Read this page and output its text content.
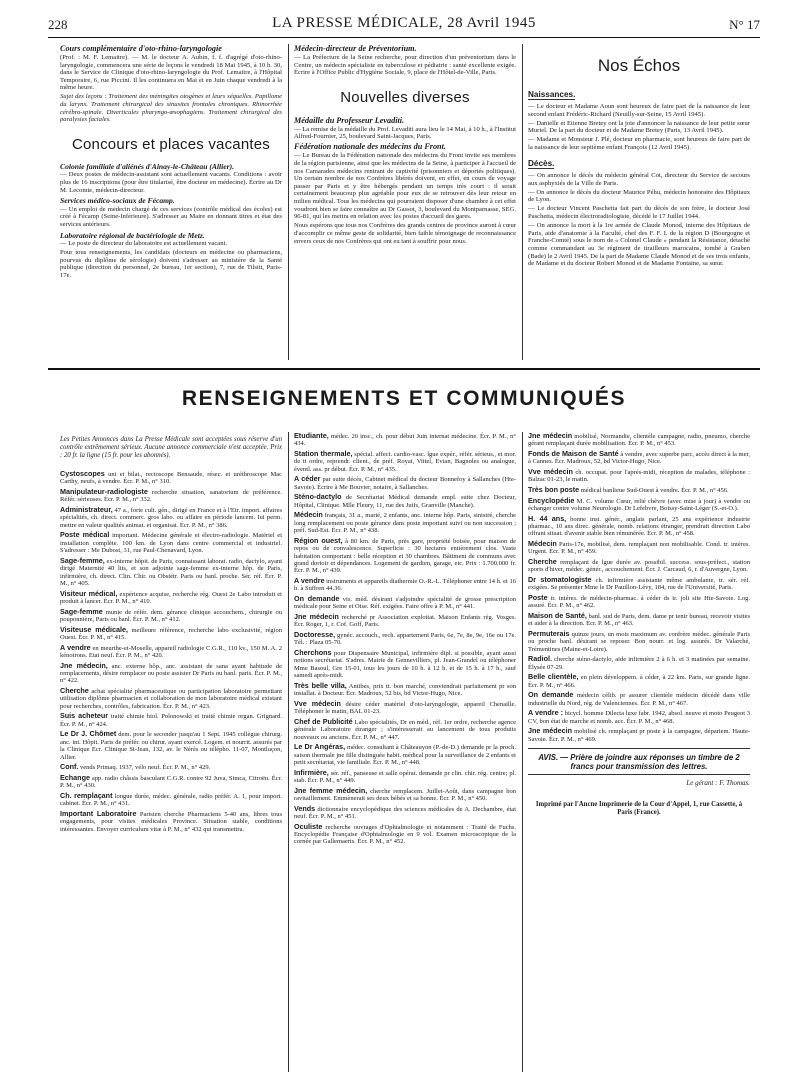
228	LA PRESSE MÉDICALE, 28 Avril 1945	N° 17
Cours complémentaire d'oto-rhino-laryngologie
(Prof. : M. F. Lemaitre). — M. le docteur A. Aubin, f. f. d'agrégé d'oto-rhino-laryngologie, commencera une série de leçons le vendredi 18 Mai 1945, à 10 h. 30, dans le Service de Clinique d'oto-rhino-laryngologie du Prof. Lemaitre, à l'Hôpital Temporaire, 6, rue Piccini. Il les continuera en Mai et en Juin chaque vendredi à la même heure.
Sujet des leçons : Traitement des méningites otogènes et leurs séquelles. Papillome du larynx. Traitement chirurgical des sinusites frontales chroniques. Rhinorrhée cérébro-spinale. Diverticules pharyngo-œsophagiens. Traitement chirurgical des paralysies faciales.
Concours et places vacantes
Colonie familiale d'aliénés d'Ainay-le-Château (Allier).
— Deux postes de médecin-assistant sont actuellement vacants. Conditions : avoir plus de 16 inscriptions (pour être titularisé, être docteur en médecine). Écrire au Dr M. Lecomte, médecin-directeur.
Services médico-sociaux de Fécamp.
— Un emploi de médecin chargé de ces services (contrôle médical des écoles) est créé à Fécamp (Seine-Inférieure). S'adresser au Maire en donnant titres et état des services antérieurs.
Laboratoire régional de bactériologie de Metz.
— Le poste de directeur du laboratoire est actuellement vacant.
Pour tous renseignements, les candidats (docteurs en médecine ou pharmaciens, pourvus du diplôme de sérologie) doivent s'adresser au ministère de la Santé publique (direction du personnel, 2e bureau, 1er section), 7, rue de Tilsitt, Paris-17e.
Médecin-directeur de Préventorium.
— La Préfecture de la Seine recherche, pour direction d'un préventorium dans le Centre, un médecin spécialiste en tuberculose et pédiatrie : santé excellente exigée. Écrire à l'Office Public d'Hygiène Sociale, 9, place de l'Hôtel-de-Ville, Paris.
Nouvelles diverses
Médaille du Professeur Levaditi.
— La remise de la médaille du Prof. Levaditi aura lieu le 14 Mai, à 10 h., à l'Institut Alfred-Fournier, 25, boulevard Saint-Jacques, Paris.
Fédération nationale des médecins du Front.
— Le Bureau de la Fédération nationale des médecins du Front invite ses membres de la région parisienne, ainsi que les médecins de la Seine, à participer à l'accueil de nos Camarades médecins rentrant de captivité (prisonniers et déportés politiques). Un certain nombre de nos Confrères libérés doivent, en effet, en cours de voyage passer par Paris et y être hébergés pendant un temps très court : il serait certainement beaucoup plus agréable pour eux de se retrouver dès leur retour en milieu médical. Tous les médecins qui pourraient disposer d'une chambre à cet effet voudront bien se faire connaître au Dr Gassot, 3, boulevard du Montparnasse, SEG. 96-81, qui les mettra en relation avec les postes d'accueil des gares.
Nous espérons que tous nos Confrères des grands centres de province auront à cœur d'accomplir ce même geste de solidarité, bien faible témoignage de reconnaissance envers ceux de nos Confrères qui ont eu tant à souffrir pour nous.
Nos Échos
Naissances.
— Le docteur et Madame Aoun sont heureux de faire part de la naissance de leur second enfant Frédéric-Richard (Neuilly-sur-Seine, 15 Avril 1945).
— Danielle et Etienne Bretey ont la joie d'annoncer la naissance de leur petite sœur Muriel. De la part du docteur et de Madame Bretey (Paris, 13 Avril 1945).
— Madame et Monsieur J. Plé, docteur en pharmacie, sont heureux de faire part de la naissance de leur septième enfant François (12 Avril 1945).
Décès.
— On annonce le décès du médecin général Cot, directeur du Service de secours aux asphyxiés de la Ville de Paris.
— On annonce le décès du docteur Maurice Péhu, médecin honoraire des Hôpitaux de Lyon.
— Le docteur Vincent Paschetta fait part du décès de son frère, le docteur José Paschetta, médecin électroradiologiste, décédé le 17 Juillet 1944.
— On annonce la mort à la 1re armée de Claude Monod, interne des Hôpitaux de Paris, aide d'anatomie à la Faculté, chef des F. F. I. de la région D (Bourgogne et Franche-Comté) sous le nom de « Colonel Claude » pendant la Résistance, détaché comme commandant au 3e régiment de tirailleurs marocains, tombé à Graben (Bade) le 2 Avril 1945. De la part de Madame Claude Monod et de ses trois enfants, de Madame et du docteur Robert Monod et de Madame Fontaine, sa sœur.
RENSEIGNEMENTS ET COMMUNIQUÉS
Les Petites Annonces dans La Presse Médicale sont acceptées sous réserve d'un contrôle extrêmement sérieux. Aucune annonce commerciale n'est acceptée. Prix : 20 fr. la ligne (15 fr. pour les abonnés).
Cystoscopes uni et bilat., rectoscope Bensaude, résec. et uréthroscope Mac Carthy, neufs, à vendre. Écr. P. M., n° 310.
Manipulateur-radiologiste recherche situation, sanatorium de préférence. Référ. sérieuses. Écr. P. M., n° 332.
Administrateur, 47 a., forte cult. gén., dirigé en France et à l'Etr. import. affaires spécialités, ch. direct. commerc. gros labo. ou affaire en période lancem. Iui perm. mettre en valeur qualités animat. et organisat. Écr. P. M., n° 386.
Poste médical important. Médecine générale et électro-radiologie. Matériel et installation complète. 100 km. de Lyon dans centre commercial et industriel. S'adresser : Me Dubost, 31, rue Paul-Chenavard, Lyon.
Sage-femme, ex-interne hôpit. de Paris, connaissant laborat. radio, dactylo, ayant dirigé Maternité 40 lits, et son adjointe sage-femme ex-interne hôp. de Paris, infirmière, ch. direct. Clin. Chir. ou Obstétr. Paris ou banl. proche. Sér. réf. Écr. P. M., n° 405.
Visiteur médical, expérience acquise, recherche rég. Ouest 2e Labo introduit et produit à lancer. Écr. P. M., n° 410.
Sage-femme munie de référ. dem. gérance clinique accouchem., chirurgie ou pouponnière, Paris ou banl. Écr. P. M., n° 412.
Visiteuse médicale, meilleure référence, recherche labo exclusivité, région Ouest. Écr. P. M., n° 415.
A vendre en meurthe-et-Moselle, appareil radiologie C.G.R., 110 kv., 150 M. A. 2 kénotrons. Etat neuf. Écr. P. M., n° 420.
Jne médecin, anc. externe hôp., anc. assistant de sana ayant habitude de remplacements, désire remplacer ou poste assister Dr Paris ou banl. paris. Écr. P. M., n° 422.
Cherche achat spécialité pharmaceutique ou participation laboratoire permettant utilisation diplôme pharmacien et collaboration de mon laboratoire médical existant pour recherches, contrôles, fabrication. Écr. P. M., n° 423.
Suis acheteur traité chimie biol. Polonowski et traité chimie organ. Grignard. Écr. P. M., n° 424.
Le Dr J. Chômet dem. pour le seconder jusqu'au 1 Sept. 1945 collègue chirurg. anc. int. Hôpit. Paris de préfér. ou chirur. ayant exercé. Logem. et nourrit. assurés par la Clinique Ecr. Clinique St-Jean, 132, av. le Nérès ou télépho. 11-07, Montluçon, Allier.
Conf. vends Primaq. 1937, vélo neuf. Écr. P. M., n° 429.
Echange app. radio châssis basculant C.G.R. contre 92 Juva, Simca, Citroën. Écr. P. M., n° 430.
Ch. remplaçant longue durée, médec. générale, radio préfér. A. 1, pour import. cabinet. Écr. P. M., n° 431.
Important Laboratoire Parisien cherche Pharmaciens 5-40 ans, libres tous engagements, pour visites médicales Province. Situation stable, conditions intéressantes. Envoyer curriculum vitæ à P. M., n° 432 qui transmettra.
Etudiante, médec. 20 insc., ch. pour début Juin internat médecine. Écr. P. M., n° 434.
Station thermale, spécial. affect. cardio-vasc. lgue expér., référ. sérieus., et mor. de tt ordre, reprendr. client., de préf. Royat, Vittel, Evian, Bagnoles ou analogue, éventl. ass. pr début. Écr. P. M., n° 435.
A céder par suite décès, Cabinet médical du docteur Bonnefoy à Sallanches (Hte-Savoie). Écrire à Me Bouvier, notaire, à Sallanches.
Sténo-dactylo de Secrétariat Médical demande empl. suite chez Docteur, Hôpital, Clinique. Mlle Fleury, 11, rue des Juifs, Granville (Manche).
Médecin français, 31 a., marié, 2 enfants, anc. interne hôp. Paris, sinistré, cherche long remplacement ou poste gérance dans poste important suivi ou non succession ; préf. Sud-Est. Écr. P. M., n° 438.
Région ouest, à 80 km. de Paris, près gare, propriété boisée, pour maison de repos ou de convalescence. Superficie : 30 hectares entièrement clos. Vaste habitation comportant : belle réception et 30 chambres. Bâtiment de communs avec grand dortoir et dépendances. Logement de gardien, garage, etc. Prix : 1.700.000 fr. Écr. P. M., n° 439.
A vendre instruments et appareils diathermie O.-R.-L. Téléphoner entre 14 h. et 16 h. à Suffren 44.36.
On demande vis. méd. désirant s'adjoindre spécialité de grosse prescription médicale pour Seine et Oise. Réf. exigées. Faire offre à P. M., n° 441.
Jne médecin recherché pr Association exploitat. Maison Enfants rég. Vosges. Écr. Roger, 1, r. Cof. Goff, Paris.
Doctoresse, gynéc. accouch., rech. appartement Paris, 6e, 7e, 8e, 9e, 16e ou 17e. Tél. : Plaza 05-70.
Cherchons pour Dispensaire Municipal, infirmière dipl. si possible, ayant aussi notions secrétariat. S'adres. Mairie de Gennevilliers, pl. Jean-Grandel ou téléphoner Mme Basoul, Gre 15-01, tous les jours de 10 h. à 12 h. et de 15 h. à 17 h., sauf samedi après-midi.
Très belle villa, Antibes, prix tt. bon marché, conviendrait parfaitement pr son installat. à Docteur. Écr. Madroux, 52 bis, bd Victor-Hugo, Nice.
Vve médecin désire céder matériel d'oto-laryngologie, appareil Chenaille. Téléphoner le matin, BAL 01-23.
Chef de Publicité Labo spécialités, Dr en méd., réf. 1er ordre, recherche agence générale Laboratoire étranger ; s'intéresserait au lancement de tous produits nouveaux ou anciens. Écr. P. M., n° 447.
Le Dr Angéras, médec. consultant à Châteauyon (P.-de-D.) demande pr la proch. saison thermale jne fille distinguée habit. médical pour la surveillance de 2 enfants et petit secrétariat, vie familiale. Écr. P. M., n° 448.
Infirmière, sér. réf., panseuse et salle opérat. demande pr clin. chir. rég. centre; pl. stab. Écr. P. M., n° 449.
Jne femme médecin, cherche remplacem. Juillet-Août, dans campagne bon ravitaillement. Emmènerait ses deux bébés et sa bonne. Écr. P. M., n° 450.
Vends dictionnaire encyclopédique des sciences médicales de A. Dechambre, état neuf. Écr. P. M., n° 451.
Oculiste recherche ouvrages d'Ophtalmologie et notamment : Traité de Fuchs. Encyclopédie Française d'Ophtalmologie en 9 vol. Examen microscopique de la cornée par Gallemaerts. Écr. P. M., n° 452.
Jne médecin mobilisé, Normandie, clientèle campagne, radio, pneumo, cherche gérant remplaçant durée mobilisation. Écr. P. M., n° 453.
Fonds de Maison de Santé à vendre, avec superbe parc, accès direct à la mer, à Cannes. Écr. Madroux, 52, bd Victor-Hugo, Nice.
Vve médecin ch. occupat. pour l'après-midi, réception de malades, téléphone : Balzac 01-23, le matin.
Très bon poste médical banlieue Sud-Ouest à vendre. Écr. P. M., n° 456.
Encyclopédie M. C. volume Cœur, relié chèvre (avec mise à jour) à vendre ou échanger contre volume Neurologie. Dr Lefebvre, Boissy-Saint-Léger (S.-et-O.).
H. 44 ans, bonne inst. génér., anglais parlant, 25 ans expérience industrie pharmac., 10 ans direc. générale, nomb. relations étranger, prendrait direction Labo offrant situat. d'avenir stable bien rémunérée. Écr. P. M., n° 458.
Médecin Paris-17e, mobilisé, dem. remplaçant non mobilisable. Cond. tr. intéres. Urgent. Écr. P. M., n° 459.
Cherche remplaçant de lgue durée av. possibil. success. sous-préfect., station sports d'hiver, médec. génér., accouchement. Écr. J. Carcaud, 6, r. d'Auvergne, Lyon.
Dr stomatologiste ch. infirmière assistante même ambulante, tr. sér. réf. exigées. Se présenter Mme le Dr Pauillon-Lévy, 184, rue de l'Université, Paris.
Poste tr. intéres. de médecin-pharmac. à céder ds tr. joli site Hte-Savoie. Log. assuré. Écr. P. M., n° 462.
Maison de Santé, banl. sud de Paris, dem. dame pr tenir bureau, recevoir visites et aider à la direction. Écr. P. M., n° 463.
Permuterais quinze jours, un mois maximum av. confrère médec. générale Paris ou proche banl. désirant se reposer. Bon nourr. et log. assurés. Dr Valarché, Trémentines (Maine-et-Loire).
Radiol. cherche sténo-dactylo, aide infirmière 2 à 6 h. et 3 matinées par semaine. Élysée 07-29.
Belle clientèle, en plein développem. à céder, à 22 km. Paris, sur grande ligne. Écr. P. M., n° 466.
On demande médecin célib. pr assurer clientèle médecin décédé dans ville industrielle du Nord, rég. de Valenciennes. Écr. P. M., n° 467.
A vendre : bicycl. homme Dilecta luxe fabr. 1942, absol. neuve et moto Peugeot 3 CV, bon état de marche et nomb. acc. Écr. P. M., n° 468.
Jne médecin mobilisé ch. remplaçant pr poste à la campagne, départem. Haute-Savoie. Écr. P. M., n° 469.
AVIS. — Prière de joindre aux réponses un timbre de 2 francs pour transmission des lettres.
Le gérant : F. Thomas.
Imprimé par l'Ancne Imprimerie de la Cour d'Appel, 1, rue Cassette, à Paris (France).
